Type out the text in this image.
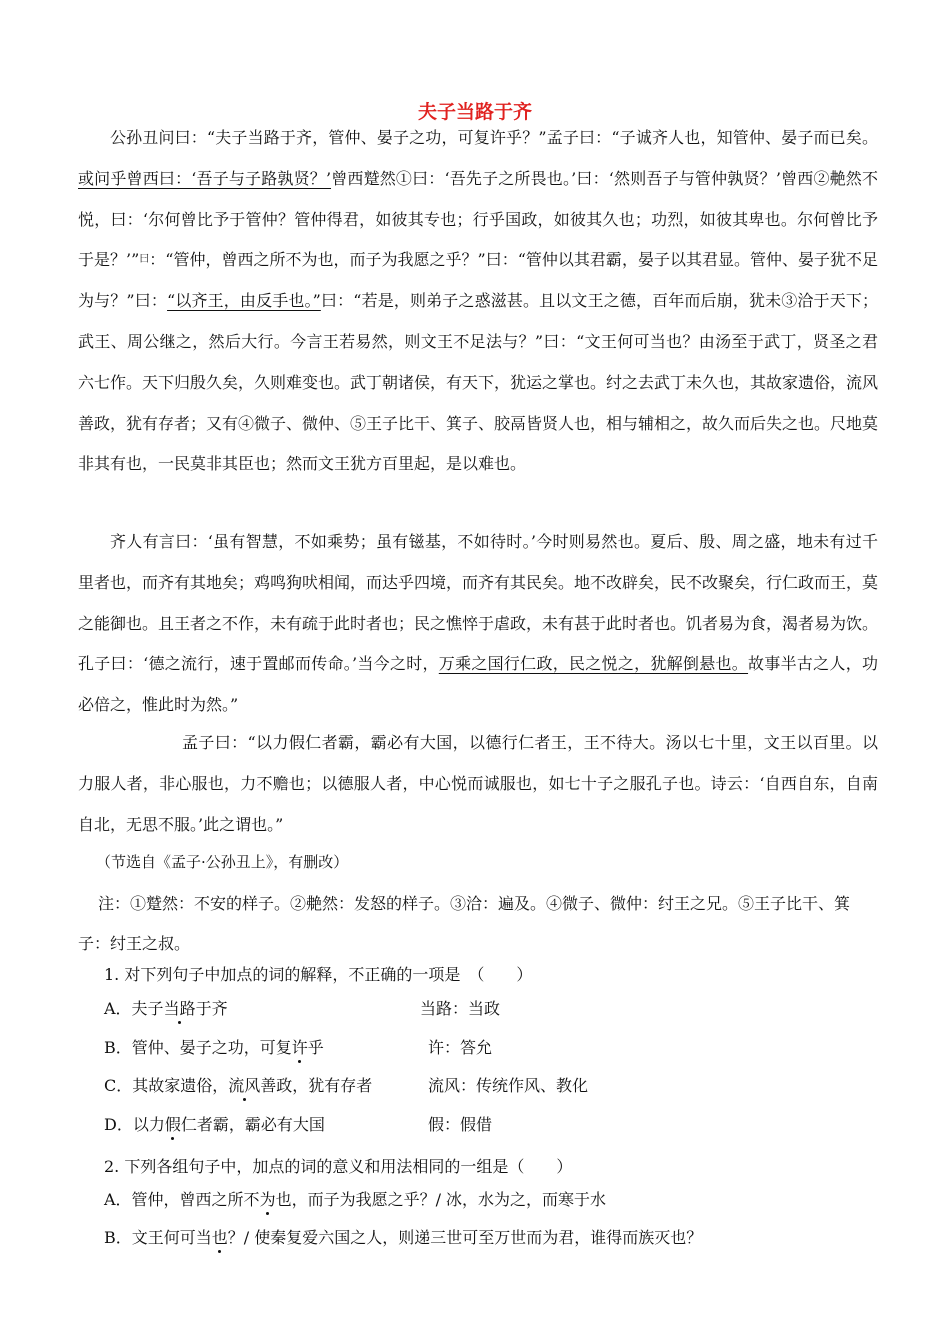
夫子当路于齐

公孙丑问曰：“夫子当路于齐，管仲、晏子之功，可复许乎？”孟子曰：“子诚齐人也，知管仲、晏子而已矣。或问乎曾西曰：‘吾子与子路孰贤？’曾西蹵然①曰：‘吾先子之所畏也。’曰：‘然则吾子与管仲孰贤？’曾西②艴然不悦，曰：‘尔何曾比予于管仲？管仲得君，如彼其专也；行乎国政，如彼其久也；功烈，如彼其卑也。尔何曾比予于是？’”曰：“管仲，曾西之所不为也，而子为我愿之乎？”曰：“管仲以其君霸，晏子以其君显。管仲、晏子犹不足为与？”曰：“以齐王，由反手也。”曰：“若是，则弟子之惑滋甚。且以文王之德，百年而后崩，犹未③洽于天下；武王、周公继之，然后大行。今言王若易然，则文王不足法与？”曰：“文王何可当也？由汤至于武丁，贤圣之君六七作。天下归殷久矣，久则难变也。武丁朝诸侯，有天下，犹运之掌也。纣之去武丁未久也，其故家遗俗，流风善政，犹有存者；又有④微子、微仲、⑤王子比干、箕子、胶鬲皆贤人也，相与辅相之，故久而后失之也。尺地莫非其有也，一民莫非其臣也；然而文王犹方百里起，是以难也。

齐人有言曰：‘虽有智慧，不如乘势；虽有镃基，不如待时。’今时则易然也。夏后、殷、周之盛，地未有过千里者也，而齐有其地矣；鸡鸣狗吠相闻，而达乎四境，而齐有其民矣。地不改辟矣，民不改聚矣，行仁政而王，莫之能御也。且王者之不作，未有疏于此时者也；民之憔悴于虐政，未有甚于此时者也。饥者易为食，渴者易为饮。孔子曰：‘德之流行，速于置邮而传命。’当今之时，万乘之国行仁政，民之悦之，犹解倒悬也。故事半古之人，功必倍之，惟此时为然。”

孟子曰：“以力假仁者霸，霸必有大国，以德行仁者王，王不待大。汤以七十里，文王以百里。以力服人者，非心服也，力不赡也；以德服人者，中心悦而诚服也，如七十子之服孔子也。诗云：‘自西自东，自南自北，无思不服。’此之谓也。”

（节选自《孟子·公孙丑上》，有删改）

注：①蹵然：不安的样子。②艴然：发怒的样子。③洽：遍及。④微子、微仲：纣王之兄。⑤王子比干、箕子：纣王之叔。

1. 对下列句子中加点的词的解释，不正确的一项是　（　　）
A．夫子当路于齐	当路：当政
B．管仲、晏子之功，可复许乎	许：答允
C．其故家遗俗，流风善政，犹有存者	流风：传统作风、教化
D．以力假仁者霸，霸必有大国	假：假借
2. 下列各组句子中，加点的词的意义和用法相同的一组是（　　）
A．管仲，曾西之所不为也，而子为我愿之乎？/ 冰，水为之，而寒于水
B．文王何可当也？/ 使秦复爱六国之人，则递三世可至万世而为君，谁得而族灭也？
